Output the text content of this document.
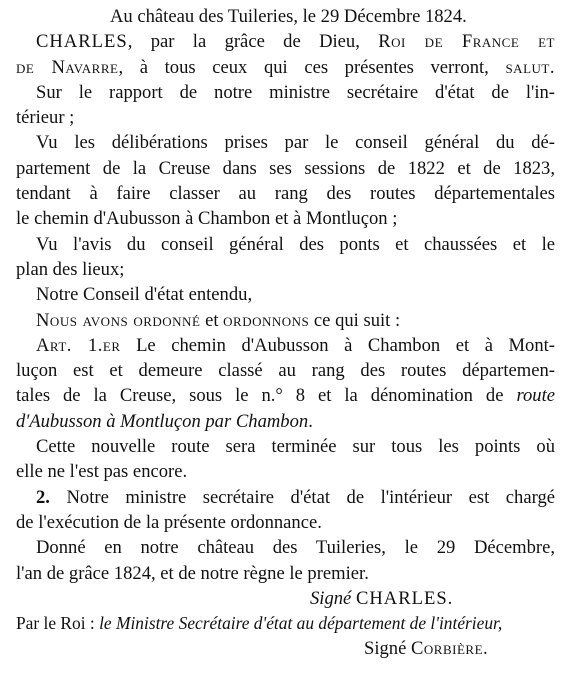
Au château des Tuileries, le 29 Décembre 1824.
CHARLES, par la grâce de Dieu, Roi de France et
de Navarre, à tous ceux qui ces présentes verront, salut.
Sur le rapport de notre ministre secrétaire d'état de l'in-
térieur ;
Vu les délibérations prises par le conseil général du dé-
partement de la Creuse dans ses sessions de 1822 et de 1823,
tendant à faire classer au rang des routes départementales
le chemin d'Aubusson à Chambon et à Montluçon ;
Vu l'avis du conseil général des ponts et chaussées et le
plan des lieux;
Notre Conseil d'état entendu,
Nous avons ordonné et ordonnons ce qui suit :
Art. 1.er Le chemin d'Aubusson à Chambon et à Mont-
luçon est et demeure classé au rang des routes départemen-
tales de la Creuse, sous le n.° 8 et la dénomination de route
d'Aubusson à Montluçon par Chambon.
Cette nouvelle route sera terminée sur tous les points où
elle ne l'est pas encore.
2. Notre ministre secrétaire d'état de l'intérieur est chargé
de l'exécution de la présente ordonnance.
Donné en notre château des Tuileries, le 29 Décembre,
l'an de grâce 1824, et de notre règne le premier.
Signé CHARLES.
Par le Roi : le Ministre Secrétaire d'état au département de l'intérieur,
Signé Corbière.
